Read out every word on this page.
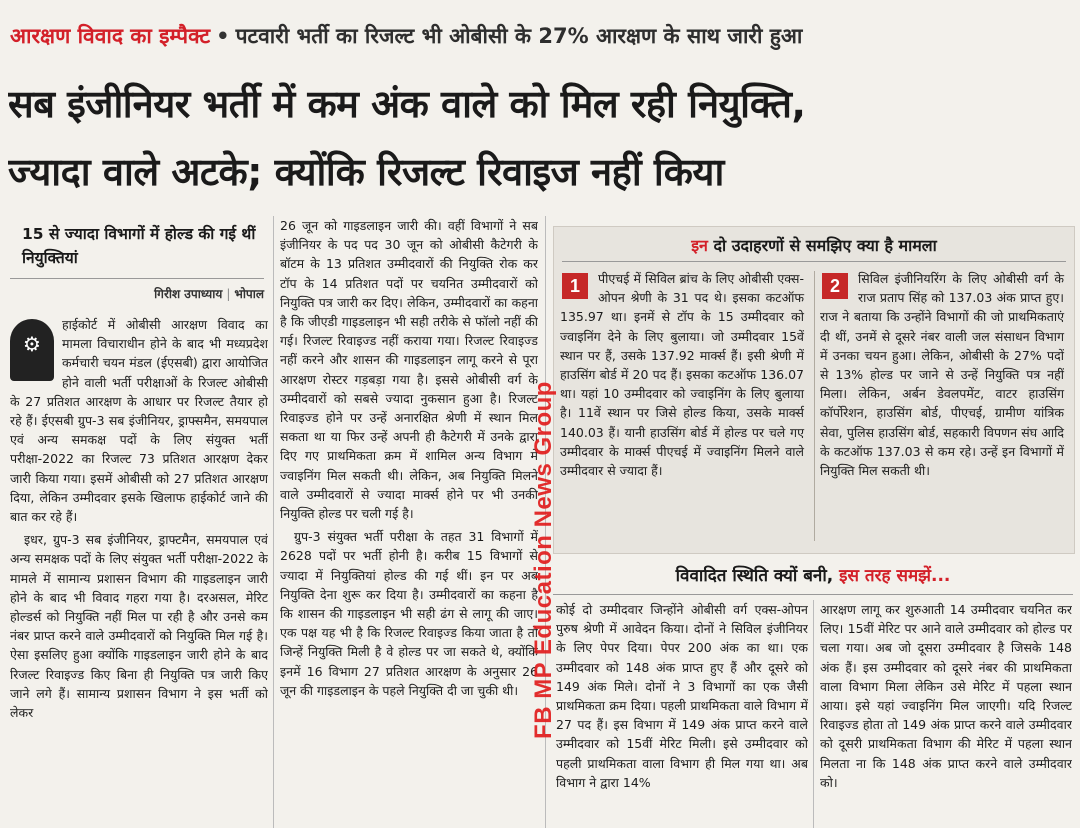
आरक्षण विवाद का इम्पैक्ट • पटवारी भर्ती का रिजल्ट भी ओबीसी के 27% आरक्षण के साथ जारी हुआ
सब इंजीनियर भर्ती में कम अंक वाले को मिल रही नियुक्ति,
ज्यादा वाले अटके; क्योंकि रिजल्ट रिवाइज नहीं किया
15 से ज्यादा विभागों में होल्ड की गई थीं नियुक्तियां
गिरीश उपाध्याय | भोपाल
⚙

हाईकोर्ट में ओबीसी आरक्षण विवाद का मामला विचाराधीन होने के बाद भी मध्यप्रदेश कर्मचारी चयन मंडल (ईएसबी) द्वारा आयोजित होने वाली भर्ती परीक्षाओं के रिजल्ट ओबीसी के 27 प्रतिशत आरक्षण के आधार पर रिजल्ट तैयार हो रहे हैं। ईएसबी ग्रुप-3 सब इंजीनियर, ड्राफ्समैन, समयपाल एवं अन्य समकक्ष पदों के लिए संयुक्त भर्ती परीक्षा-2022 का रिजल्ट 73 प्रतिशत आरक्षण देकर जारी किया गया। इसमें ओबीसी को 27 प्रतिशत आरक्षण दिया, लेकिन उम्मीदवार इसके खिलाफ हाईकोर्ट जाने की बात कर रहे हैं।

इधर, ग्रुप-3 सब इंजीनियर, ड्राफ्टमैन, समयपाल एवं अन्य समक्षक पदों के लिए संयुक्त भर्ती परीक्षा-2022 के मामले में सामान्य प्रशासन विभाग की गाइडलाइन जारी होने के बाद भी विवाद गहरा गया है। दरअसल, मेरिट होल्डर्स को नियुक्ति नहीं मिल पा रही है और उनसे कम नंबर प्राप्त करने वाले उम्मीदवारों को नियुक्ति मिल गई है। ऐसा इसलिए हुआ क्योंकि गाइडलाइन जारी होने के बाद रिजल्ट रिवाइज्ड किए बिना ही नियुक्ति पत्र जारी किए जाने लगे हैं। सामान्य प्रशासन विभाग ने इस भर्ती को लेकर

26 जून को गाइडलाइन जारी की। वहीं विभागों ने सब इंजीनियर के पद पद 30 जून को ओबीसी कैटेगरी के बॉटम के 13 प्रतिशत उम्मीदवारों की नियुक्ति रोक कर टॉप के 14 प्रतिशत पदों पर चयनित उम्मीदवारों को नियुक्ति पत्र जारी कर दिए। लेकिन, उम्मीदवारों का कहना है कि जीएडी गाइडलाइन भी सही तरीके से फॉलो नहीं की गई। रिजल्ट रिवाइज्ड नहीं कराया गया। रिजल्ट रिवाइज्ड नहीं करने और शासन की गाइडलाइन लागू करने से पूरा आरक्षण रोस्टर गड़बड़ा गया है। इससे ओबीसी वर्ग के उम्मीदवारों को सबसे ज्यादा नुकसान हुआ है। रिजल्ट रिवाइज्ड होने पर उन्हें अनारक्षित श्रेणी में स्थान मिल सकता था या फिर उन्हें अपनी ही कैटेगरी में उनके द्वारा दिए गए प्राथमिकता क्रम में शामिल अन्य विभाग में ज्वाइनिंग मिल सकती थी। लेकिन, अब नियुक्ति मिलने वाले उम्मीदवारों से ज्यादा मार्क्स होने पर भी उनकी नियुक्ति होल्ड पर चली गई है।

ग्रुप-3 संयुक्त भर्ती परीक्षा के तहत 31 विभागों में 2628 पदों पर भर्ती होनी है। करीब 15 विभागों से ज्यादा में नियुक्तियां होल्ड की गई थीं। इन पर अब नियुक्ति देना शुरू कर दिया है। उम्मीदवारों का कहना है कि शासन की गाइडलाइन भी सही ढंग से लागू की जाए। एक पक्ष यह भी है कि रिजल्ट रिवाइज्ड किया जाता है तो जिन्हें नियुक्ति मिली है वे होल्ड पर जा सकते थे, क्योंकि इनमें 16 विभाग 27 प्रतिशत आरक्षण के अनुसार 26 जून की गाइडलाइन के पहले नियुक्ति दी जा चुकी थी।

इन दो उदाहरणों से समझिए क्या है मामला
1	पीएचई में सिविल ब्रांच के लिए ओबीसी एक्स-ओपन श्रेणी के 31 पद थे। इसका कटऑफ 135.97 था। इनमें से टॉप के 15 उम्मीदवार को ज्वाइनिंग देने के लिए बुलाया। जो उम्मीदवार 15वें स्थान पर हैं, उसके 137.92 मार्क्स हैं। इसी श्रेणी में हाउसिंग बोर्ड में 20 पद हैं। इसका कटऑफ 136.07 था। यहां 10 उम्मीदवार को ज्वाइनिंग के लिए बुलाया है। 11वें स्थान पर जिसे होल्ड किया, उसके मार्क्स 140.03 हैं। यानी हाउसिंग बोर्ड में होल्ड पर चले गए उम्मीदवार के मार्क्स पीएचई में ज्वाइनिंग मिलने वाले उम्मीदवार से ज्यादा हैं।
2	सिविल इंजीनियरिंग के लिए ओबीसी वर्ग के राज प्रताप सिंह को 137.03 अंक प्राप्त हुए। राज ने बताया कि उन्होंने विभागों की जो प्राथमिकताएं दी थीं, उनमें से दूसरे नंबर वाली जल संसाधन विभाग में उनका चयन हुआ। लेकिन, ओबीसी के 27% पदों से 13% होल्ड पर जाने से उन्हें नियुक्ति पत्र नहीं मिला। लेकिन, अर्बन डेवलपमेंट, वाटर हाउसिंग कॉर्पोरेशन, हाउसिंग बोर्ड, पीएचई, ग्रामीण यांत्रिक सेवा, पुलिस हाउसिंग बोर्ड, सहकारी विपणन संघ आदि के कटऑफ 137.03 से कम रहे। उन्हें इन विभागों में नियुक्ति मिल सकती थी।
विवादित स्थिति क्यों बनी, इस तरह समझें...

कोई दो उम्मीदवार जिन्होंने ओबीसी वर्ग एक्स-ओपन पुरुष श्रेणी में आवेदन किया। दोनों ने सिविल इंजीनियर के लिए पेपर दिया। पेपर 200 अंक का था। एक उम्मीदवार को 148 अंक प्राप्त हुए हैं और दूसरे को 149 अंक मिले। दोनों ने 3 विभागों का एक जैसी प्राथमिकता क्रम दिया। पहली प्राथमिकता वाले विभाग में 27 पद हैं। इस विभाग में 149 अंक प्राप्त करने वाले उम्मीदवार को 15वीं मेरिट मिली। इसे उम्मीदवार को पहली प्राथमिकता वाला विभाग ही मिल गया था। अब विभाग ने द्वारा 14%

आरक्षण लागू कर शुरुआती 14 उम्मीदवार चयनित कर लिए। 15वीं मेरिट पर आने वाले उम्मीदवार को होल्ड पर चला गया। अब जो दूसरा उम्मीदवार है जिसके 148 अंक हैं। इस उम्मीदवार को दूसरे नंबर की प्राथमिकता वाला विभाग मिला लेकिन उसे मेरिट में पहला स्थान आया। इसे यहां ज्वाइनिंग मिल जाएगी। यदि रिजल्ट रिवाइज्ड होता तो 149 अंक प्राप्त करने वाले उम्मीदवार को दूसरी प्राथमिकता विभाग की मेरिट में पहला स्थान मिलता ना कि 148 अंक प्राप्त करने वाले उम्मीदवार को।

FB MP Education News Group
